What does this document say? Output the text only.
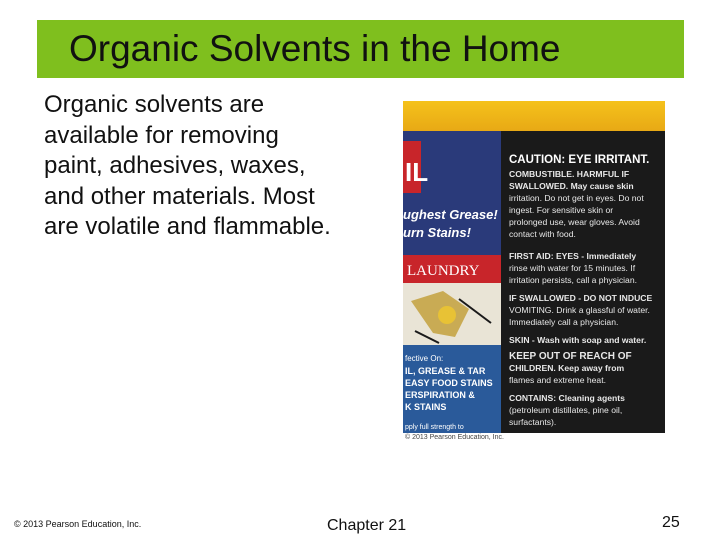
Organic Solvents in the Home

Organic solvents are available for removing paint, adhesives, waxes, and other materials. Most are volatile and flammable.

IL
ughest Grease!
urn Stains!
LAUNDRY
fective On:
IL, GREASE & TAR
EASY FOOD STAINS
ERSPIRATION &
K STAINS
pply full strength to
CAUTION: EYE IRRITANT.
COMBUSTIBLE. HARMFUL IF
SWALLOWED. May cause skin
irritation. Do not get in eyes. Do not
ingest. For sensitive skin or
prolonged use, wear gloves. Avoid
contact with food.
FIRST AID: EYES - Immediately
rinse with water for 15 minutes. If
irritation persists, call a physician.
IF SWALLOWED - DO NOT INDUCE
VOMITING. Drink a glassful of water.
Immediately call a physician.
SKIN - Wash with soap and water.
KEEP OUT OF REACH OF
CHILDREN. Keep away from
flames and extreme heat.
CONTAINS: Cleaning agents
(petroleum distillates, pine oil,
surfactants).
© 2013 Pearson Education, Inc.
© 2013 Pearson Education, Inc.	Chapter 21	25
